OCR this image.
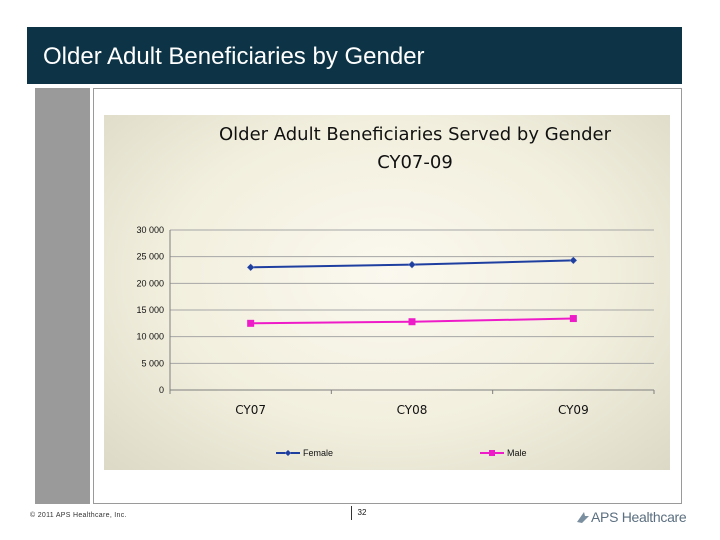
Older Adult Beneficiaries by Gender
Older Adult Beneficiaries Served by Gender
CY07-09
0
5 000
10 000
15 000
20 000
25 000
30 000
CY07	CY08	CY09
Female	Male
© 2011 APS Healthcare, Inc.	32	APS Healthcare
